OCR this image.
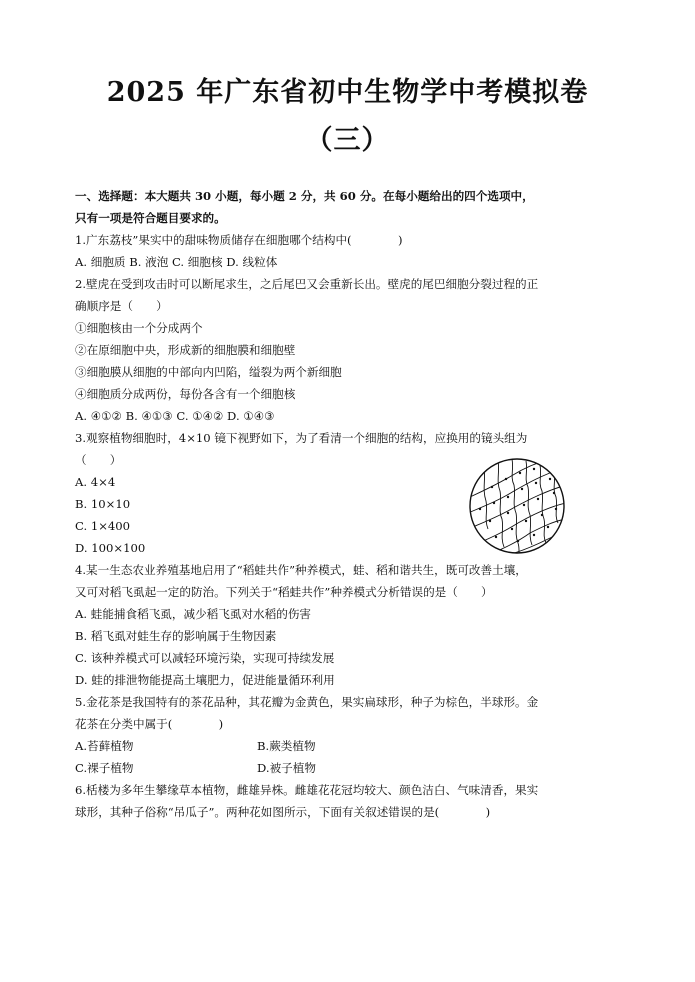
2025 年广东省初中生物学中考模拟卷
（三）
一、选择题：本大题共 30 小题，每小题 2 分，共 60 分。在每小题给出的四个选项中，
只有一项是符合题目要求的。
1.广东荔枝”果实中的甜味物质储存在细胞哪个结构中(　　　　)
A. 细胞质 B. 液泡 C. 细胞核 D. 线粒体
2.壁虎在受到攻击时可以断尾求生，之后尾巴又会重新长出。壁虎的尾巴细胞分裂过程的正
确顺序是（　　）
①细胞核由一个分成两个
②在原细胞中央，形成新的细胞膜和细胞壁
③细胞膜从细胞的中部向内凹陷，缢裂为两个新细胞
④细胞质分成两份，每份各含有一个细胞核
A. ④①② B. ④①③ C. ①④② D. ①④③
3.观察植物细胞时，4×10 镜下视野如下，为了看清一个细胞的结构，应换用的镜头组为
（　　）
A. 4×4
B. 10×10
C. 1×400
D. 100×100
4.某一生态农业养殖基地启用了“稻蛙共作”种养模式，蛙、稻和谐共生，既可改善土壤，
又可对稻飞虱起一定的防治。下列关于“稻蛙共作”种养模式分析错误的是（　　）
A. 蛙能捕食稻飞虱，减少稻飞虱对水稻的伤害
B. 稻飞虱对蛙生存的影响属于生物因素
C. 该种养模式可以减轻环境污染，实现可持续发展
D. 蛙的排泄物能提高土壤肥力，促进能量循环利用
5.金花茶是我国特有的茶花品种，其花瓣为金黄色，果实扁球形，种子为棕色，半球形。金
花茶在分类中属于(　　　　)
A.苔藓植物	B.蕨类植物
C.裸子植物	D.被子植物
6.栝楼为多年生攀缘草本植物，雌雄异株。雌雄花花冠均较大、颜色洁白、气味清香，果实
球形，其种子俗称“吊瓜子”。两种花如图所示，下面有关叙述错误的是(　　　　)
